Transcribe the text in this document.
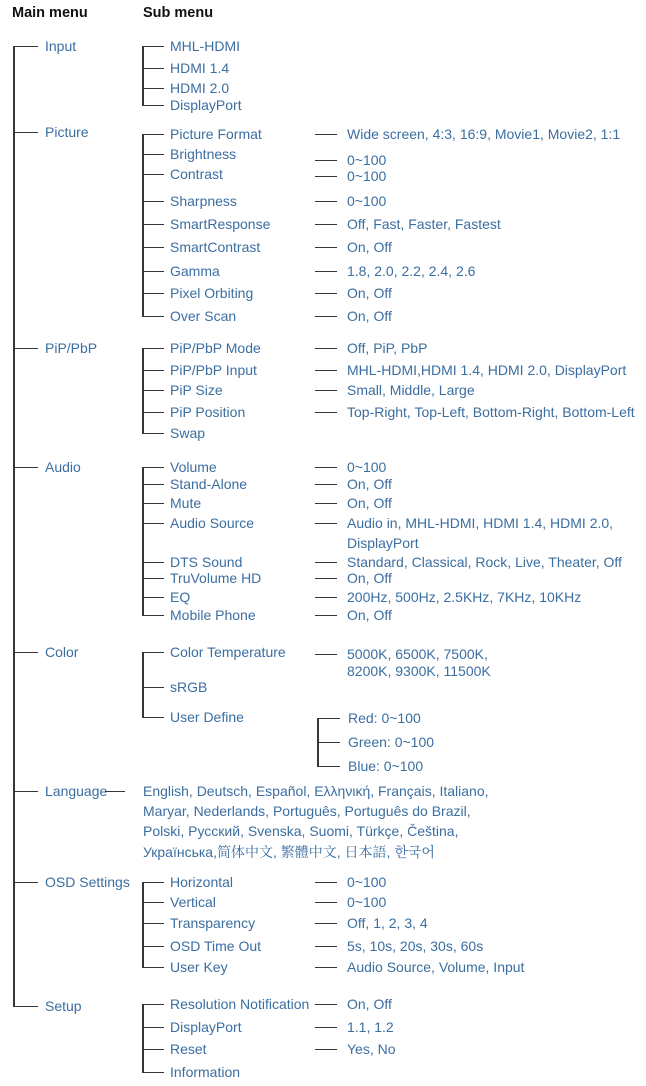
Main menu	Sub menu
Input
Picture
PiP/PbP
Audio
Color
Language
OSD Settings
Setup
MHL-HDMI
HDMI 1.4
HDMI 2.0
DisplayPort
Picture Format
Brightness
Contrast
Sharpness
SmartResponse
SmartContrast
Gamma
Pixel Orbiting
Over Scan
Wide screen, 4:3, 16:9, Movie1, Movie2, 1:1
0~100
0~100
0~100
Off, Fast, Faster, Fastest
On, Off
1.8, 2.0, 2.2, 2.4, 2.6
On, Off
On, Off
PiP/PbP Mode
PiP/PbP Input
PiP Size
PiP Position
Swap
Off, PiP, PbP
MHL-HDMI,HDMI 1.4, HDMI 2.0, DisplayPort
Small, Middle, Large
Top-Right, Top-Left, Bottom-Right, Bottom-Left
Volume
Stand-Alone
Mute
Audio Source
DTS Sound
TruVolume HD
EQ
Mobile Phone
0~100
On, Off
On, Off
Audio in, MHL-HDMI, HDMI 1.4, HDMI 2.0,
DisplayPort
Standard, Classical, Rock, Live, Theater, Off
On, Off
200Hz, 500Hz, 2.5KHz, 7KHz, 10KHz
On, Off
Color Temperature
sRGB
User Define
5000K, 6500K, 7500K,
8200K, 9300K, 11500K
Red: 0~100
Green: 0~100
Blue: 0~100
English, Deutsch, Español, Ελληνική, Français, Italiano,
Maryar, Nederlands, Português, Português do Brazil,
Polski, Русский, Svenska, Suomi, Türkçe, Čeština,
Українська,简体中文, 繁體中文, 日本語, 한국어
Horizontal
Vertical
Transparency
OSD Time Out
User Key
0~100
0~100
Off, 1, 2, 3, 4
5s, 10s, 20s, 30s, 60s
Audio Source, Volume, Input
Resolution Notification
DisplayPort
Reset
Information
On, Off
1.1, 1.2
Yes, No
